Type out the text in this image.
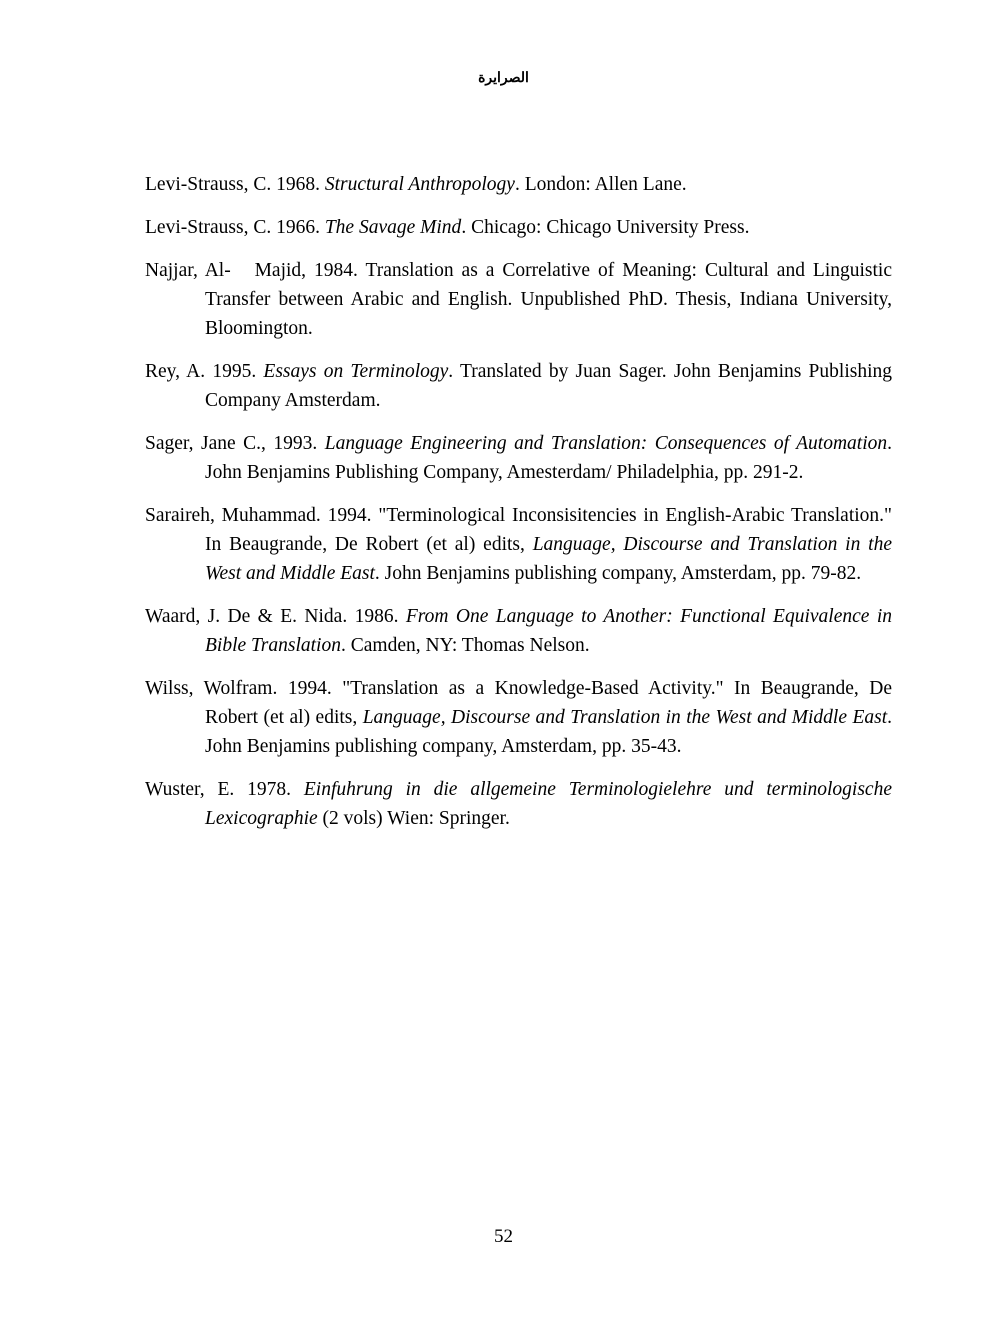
الصرايرة

Levi-Strauss, C. 1968. Structural Anthropology. London: Allen Lane.

Levi-Strauss, C. 1966. The Savage Mind. Chicago: Chicago University Press.

Najjar, Al-   Majid, 1984. Translation as a Correlative of Meaning: Cultural and Linguistic Transfer between Arabic and English. Unpublished PhD. Thesis, Indiana University, Bloomington.

Rey, A. 1995. Essays on Terminology. Translated by Juan Sager. John Benjamins Publishing Company Amsterdam.

Sager, Jane C., 1993. Language Engineering and Translation: Consequences of Automation. John Benjamins Publishing Company, Amesterdam/ Philadelphia, pp. 291-2.

Saraireh, Muhammad. 1994. "Terminological Inconsisitencies in English-Arabic Translation." In Beaugrande, De Robert (et al) edits, Language, Discourse and Translation in the West and Middle East. John Benjamins publishing company, Amsterdam, pp. 79-82.

Waard, J. De & E. Nida. 1986. From One Language to Another: Functional Equivalence in Bible Translation. Camden, NY: Thomas Nelson.

Wilss, Wolfram. 1994. "Translation as a Knowledge-Based Activity." In Beaugrande, De Robert (et al) edits, Language, Discourse and Translation in the West and Middle East. John Benjamins publishing company, Amsterdam, pp. 35-43.

Wuster, E. 1978. Einfuhrung in die allgemeine Terminologielehre und terminologische Lexicographie (2 vols) Wien: Springer.

52
